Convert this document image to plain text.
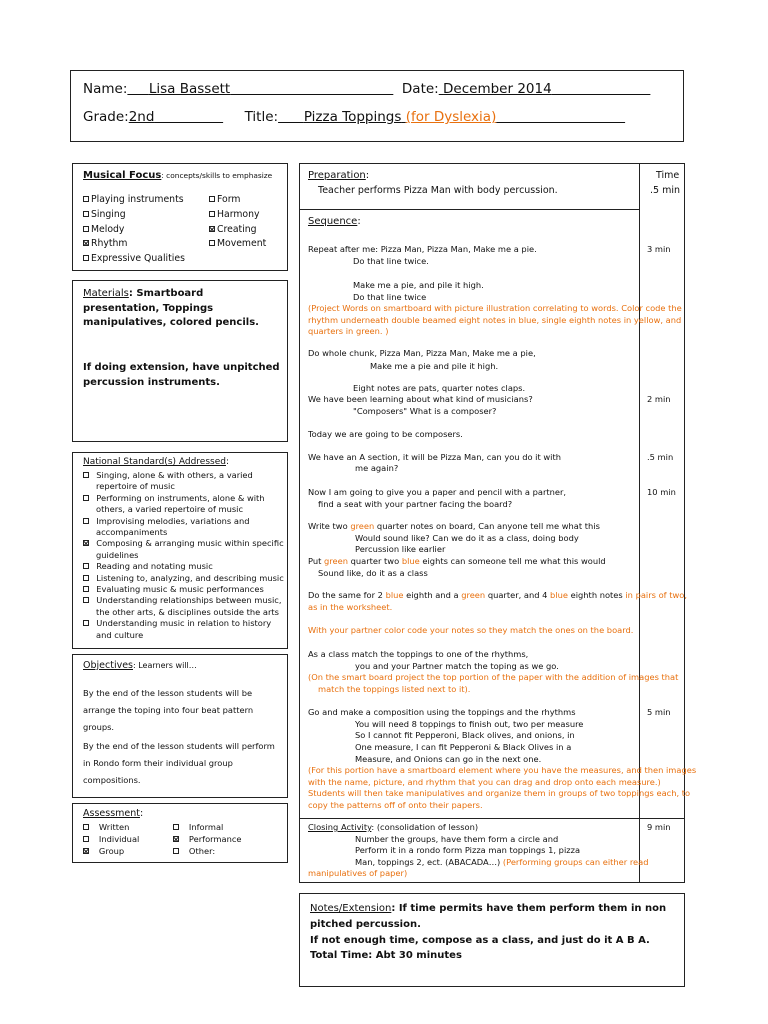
Name: Lisa Bassett	Date: December 2014
Grade:2nd	Title: Pizza Toppings (for Dyslexia)
Musical Focus: concepts/skills to emphasize
Playing instruments
Singing
Melody
Rhythm
Expressive Qualities
Form
Harmony
Creating
Movement
Materials: Smartboard presentation, Toppings manipulatives, colored pencils.
If doing extension, have unpitched percussion instruments.
National Standard(s) Addressed:
Singing, alone & with others, a varied repertoire of music
Performing on instruments, alone & with others, a varied repertoire of music
Improvising melodies, variations and accompaniments
Composing & arranging music within specific guidelines
Reading and notating music
Listening to, analyzing, and describing music
Evaluating music & music performances
Understanding relationships between music, the other arts, & disciplines outside the arts
Understanding music in relation to history and culture
Objectives: Learners will…
By the end of the lesson students will be arrange the toping into four beat pattern groups.
By the end of the lesson students will perform in Rondo form their individual group compositions.
Assessment:
Written
Individual
Group
Informal
Performance
Other:
Preparation:
Teacher performs Pizza Man with body percussion.
Time
.5 min
Sequence:
Repeat after me: Pizza Man, Pizza Man, Make me a pie.
Do that line twice.
Make me a pie, and pile it high.
Do that line twice
(Project Words on smartboard with picture illustration correlating to words. Color code the
rhythm underneath double beamed eight notes in blue, single eighth notes in yellow, and
quarters in green. )
Do whole chunk, Pizza Man, Pizza Man, Make me a pie,
Make me a pie and pile it high.
Eight notes are pats, quarter notes claps.
We have been learning about what kind of musicians?
"Composers" What is a composer?
Today we are going to be composers.
We have an A section, it will be Pizza Man, can you do it with
me again?
Now I am going to give you a paper and pencil with a partner,
find a seat with your partner facing the board?
Write two green quarter notes on board, Can anyone tell me what this
Would sound like? Can we do it as a class, doing body
Percussion like earlier
Put green quarter two blue eights can someone tell me what this would
Sound like, do it as a class
Do the same for 2 blue eighth and a green quarter, and 4 blue eighth notes in pairs of two,
as in the worksheet.
With your partner color code your notes so they match the ones on the board.
As a class match the toppings to one of the rhythms,
you and your Partner match the toping as we go.
(On the smart board project the top portion of the paper with the addition of images that
match the toppings listed next to it).
Go and make a composition using the toppings and the rhythms
You will need 8 toppings to finish out, two per measure
So I cannot fit Pepperoni, Black olives, and onions, in
One measure, I can fit Pepperoni & Black Olives in a
Measure, and Onions can go in the next one.
(For this portion have a smartboard element where you have the measures, and then images
with the name, picture, and rhythm that you can drag and drop onto each measure.)
Students will then take manipulatives and organize them in groups of two toppings each, to
copy the patterns off of onto their papers.
3 min
2 min
.5 min
10 min
5 min
Closing Activity: (consolidation of lesson)
Number the groups, have them form a circle and
Perform it in a rondo form Pizza man toppings 1, pizza
Man, toppings 2, ect. (ABACADA…) (Performing groups can either read
manipulatives of paper)
9 min
Notes/Extension: If time permits have them perform them in non
pitched percussion.
If not enough time, compose as a class, and just do it A B A.
Total Time: Abt 30 minutes
